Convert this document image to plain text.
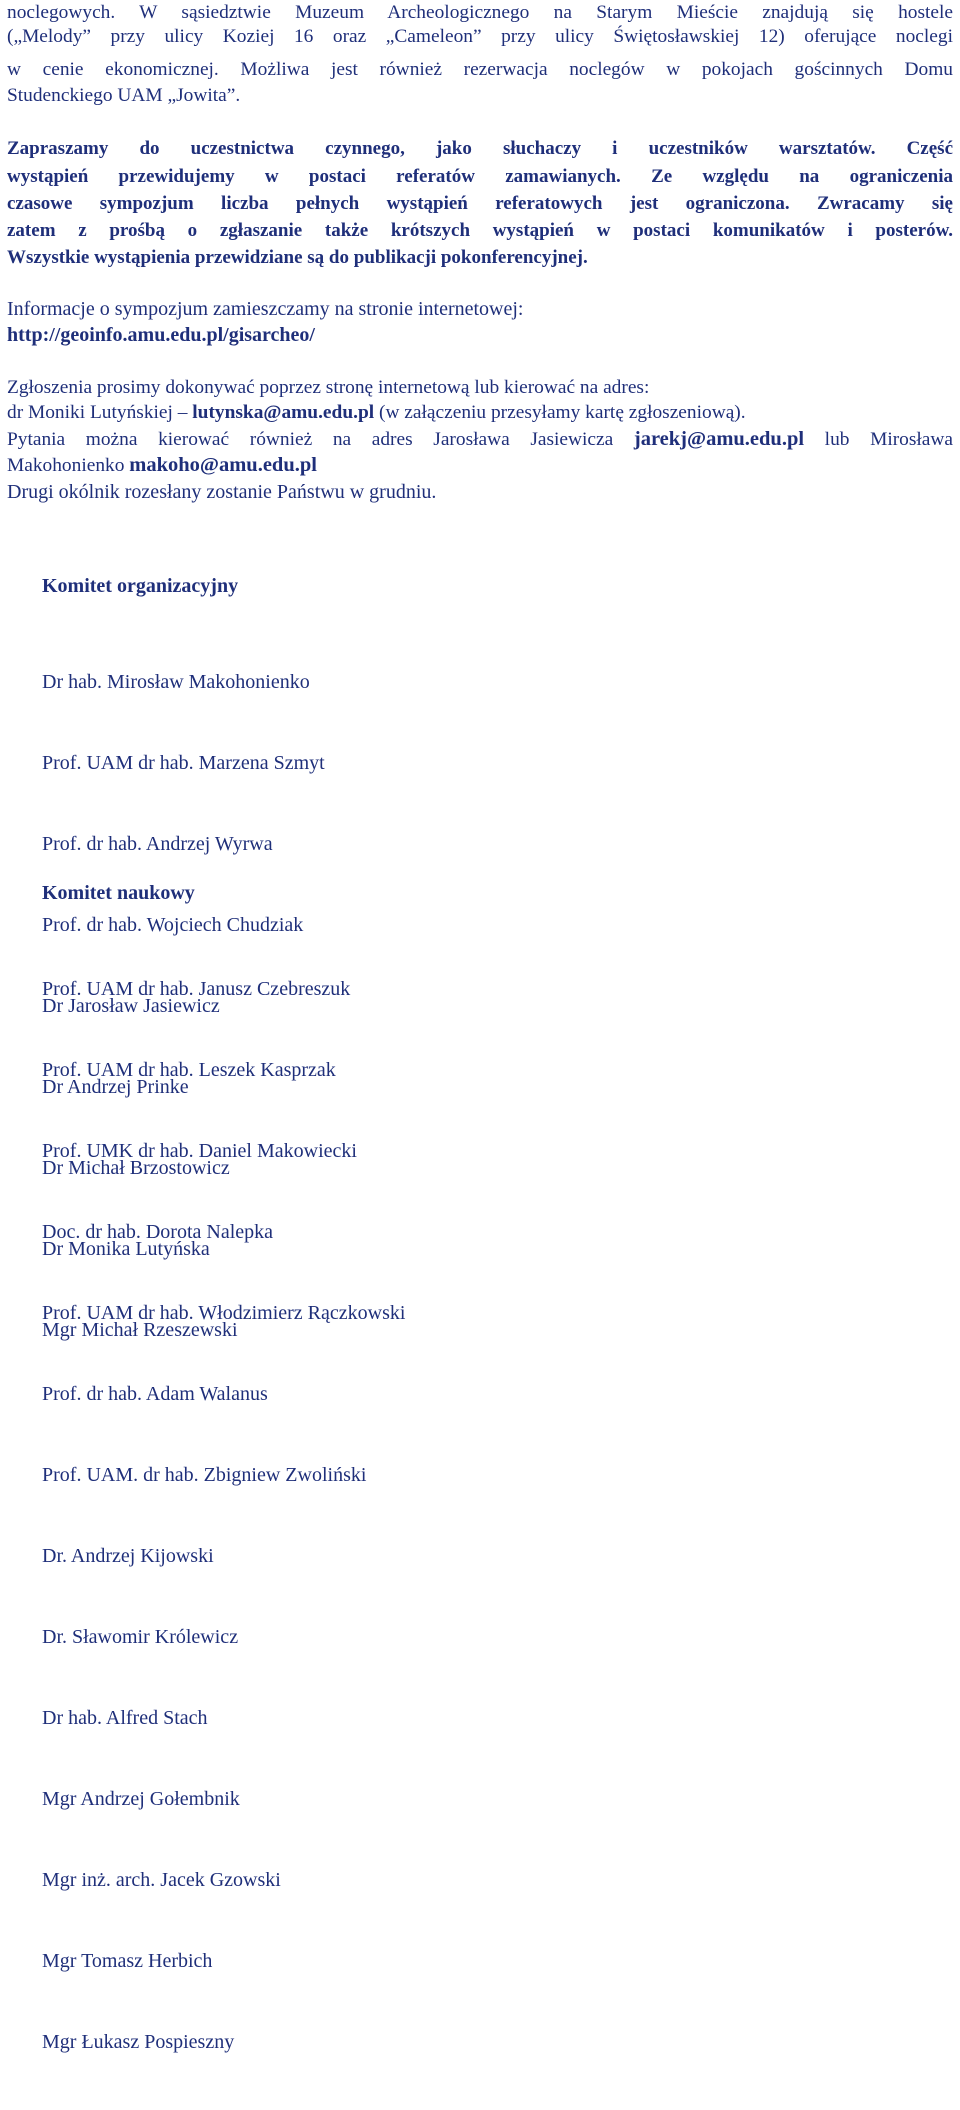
noclegowych. W sąsiedztwie Muzeum Archeologicznego na Starym Mieście znajdują się hostele

(„Melody” przy ulicy Koziej 16 oraz „Cameleon” przy ulicy Świętosławskiej 12) oferujące noclegi

w cenie ekonomicznej. Możliwa jest również rezerwacja noclegów w pokojach gościnnych Domu

Studenckiego UAM „Jowita”.

Zapraszamy do uczestnictwa czynnego, jako słuchaczy i uczestników warsztatów. Część

wystąpień przewidujemy w postaci referatów zamawianych. Ze względu na ograniczenia

czasowe sympozjum liczba pełnych wystąpień referatowych jest ograniczona. Zwracamy się

zatem z prośbą o zgłaszanie także krótszych wystąpień w postaci komunikatów i posterów.

Wszystkie wystąpienia przewidziane są do publikacji pokonferencyjnej.

Informacje o sympozjum zamieszczamy na stronie internetowej:

http://geoinfo.amu.edu.pl/gisarcheo/

Zgłoszenia prosimy dokonywać poprzez stronę internetową lub kierować na adres:

dr Moniki Lutyńskiej – lutynska@amu.edu.pl (w załączeniu przesyłamy kartę zgłoszeniową).

Pytania można kierować również na adres Jarosława Jasiewicza jarekj@amu.edu.pl lub Mirosława

Makohonienko makoho@amu.edu.pl

Drugi okólnik rozesłany zostanie Państwu w grudniu.

Komitet organizacyjny

Dr hab. Mirosław Makohonienko

Prof. UAM dr hab. Marzena Szmyt

Prof. dr hab. Andrzej Wyrwa

Prof. dr hab. Wojciech Chudziak

Dr Jarosław Jasiewicz

Dr Andrzej Prinke

Dr Michał Brzostowicz

Dr Monika Lutyńska

Mgr Michał Rzeszewski

Komitet naukowy

Prof. UAM dr hab. Janusz Czebreszuk

Prof. UAM dr hab. Leszek Kasprzak

Prof. UMK dr hab. Daniel Makowiecki

Doc. dr hab. Dorota Nalepka

Prof. UAM dr hab. Włodzimierz Rączkowski

Prof. dr hab. Adam Walanus

Prof. UAM. dr hab. Zbigniew Zwoliński

Dr. Andrzej Kijowski

Dr. Sławomir Królewicz

Dr hab. Alfred Stach

Mgr Andrzej Gołembnik

Mgr inż. arch. Jacek Gzowski

Mgr Tomasz Herbich

Mgr Łukasz Pospieszny
